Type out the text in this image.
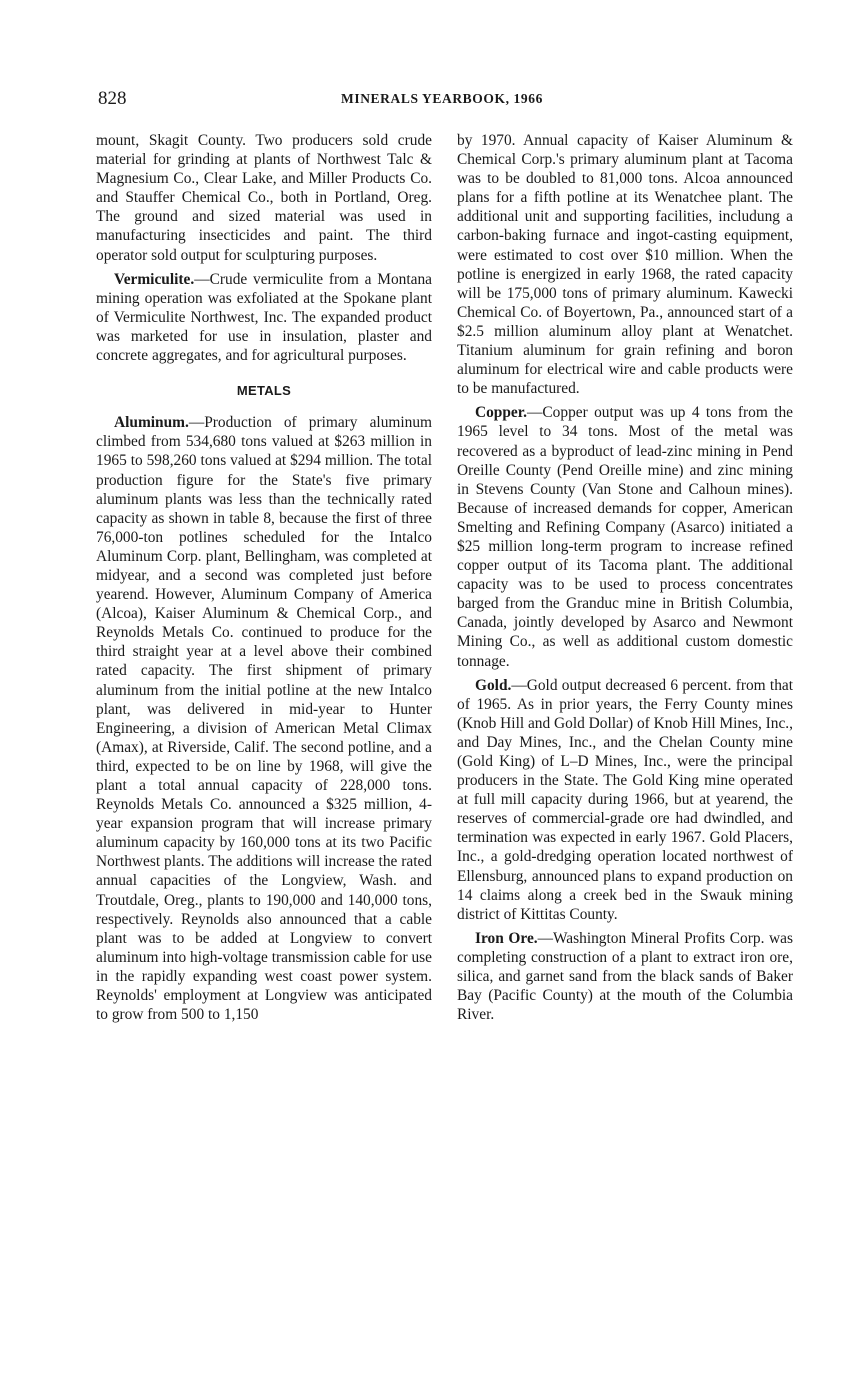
828	MINERALS YEARBOOK, 1966

mount, Skagit County. Two producers sold crude material for grinding at plants of Northwest Talc & Magnesium Co., Clear Lake, and Miller Products Co. and Stauffer Chemical Co., both in Portland, Oreg. The ground and sized material was used in manufacturing insecticides and paint. The third operator sold output for sculpturing purposes.

Vermiculite.—Crude vermiculite from a Montana mining operation was exfoliated at the Spokane plant of Vermiculite Northwest, Inc. The expanded product was marketed for use in insulation, plaster and concrete aggregates, and for agricultural purposes.

METALS

Aluminum.—Production of primary aluminum climbed from 534,680 tons valued at $263 million in 1965 to 598,260 tons valued at $294 million. The total production figure for the State's five primary aluminum plants was less than the technically rated capacity as shown in table 8, because the first of three 76,000-ton potlines scheduled for the Intalco Aluminum Corp. plant, Bellingham, was completed at midyear, and a second was completed just before yearend. However, Aluminum Company of America (Alcoa), Kaiser Aluminum & Chemical Corp., and Reynolds Metals Co. continued to produce for the third straight year at a level above their combined rated capacity. The first shipment of primary aluminum from the initial potline at the new Intalco plant, was delivered in mid-year to Hunter Engineering, a division of American Metal Climax (Amax), at Riverside, Calif. The second potline, and a third, expected to be on line by 1968, will give the plant a total annual capacity of 228,000 tons. Reynolds Metals Co. announced a $325 million, 4-year expansion program that will increase primary aluminum capacity by 160,000 tons at its two Pacific Northwest plants. The additions will increase the rated annual capacities of the Longview, Wash. and Troutdale, Oreg., plants to 190,000 and 140,000 tons, respectively. Reynolds also announced that a cable plant was to be added at Longview to convert aluminum into high-voltage transmission cable for use in the rapidly expanding west coast power system. Reynolds' employment at Longview was anticipated to grow from 500 to 1,150

by 1970. Annual capacity of Kaiser Aluminum & Chemical Corp.'s primary aluminum plant at Tacoma was to be doubled to 81,000 tons. Alcoa announced plans for a fifth potline at its Wenatchee plant. The additional unit and supporting facilities, includung a carbon-baking furnace and ingot-casting equipment, were estimated to cost over $10 million. When the potline is energized in early 1968, the rated capacity will be 175,000 tons of primary aluminum. Kawecki Chemical Co. of Boyertown, Pa., announced start of a $2.5 million aluminum alloy plant at Wenatchet. Titanium aluminum for grain refining and boron aluminum for electrical wire and cable products were to be manufactured.

Copper.—Copper output was up 4 tons from the 1965 level to 34 tons. Most of the metal was recovered as a byproduct of lead-zinc mining in Pend Oreille County (Pend Oreille mine) and zinc mining in Stevens County (Van Stone and Calhoun mines). Because of increased demands for copper, American Smelting and Refining Company (Asarco) initiated a $25 million long-term program to increase refined copper output of its Tacoma plant. The additional capacity was to be used to process concentrates barged from the Granduc mine in British Columbia, Canada, jointly developed by Asarco and Newmont Mining Co., as well as additional custom domestic tonnage.

Gold.—Gold output decreased 6 percent. from that of 1965. As in prior years, the Ferry County mines (Knob Hill and Gold Dollar) of Knob Hill Mines, Inc., and Day Mines, Inc., and the Chelan County mine (Gold King) of L–D Mines, Inc., were the principal producers in the State. The Gold King mine operated at full mill capacity during 1966, but at yearend, the reserves of commercial-grade ore had dwindled, and termination was expected in early 1967. Gold Placers, Inc., a gold-dredging operation located northwest of Ellensburg, announced plans to expand production on 14 claims along a creek bed in the Swauk mining district of Kittitas County.

Iron Ore.—Washington Mineral Profits Corp. was completing construction of a plant to extract iron ore, silica, and garnet sand from the black sands of Baker Bay (Pacific County) at the mouth of the Columbia River.
